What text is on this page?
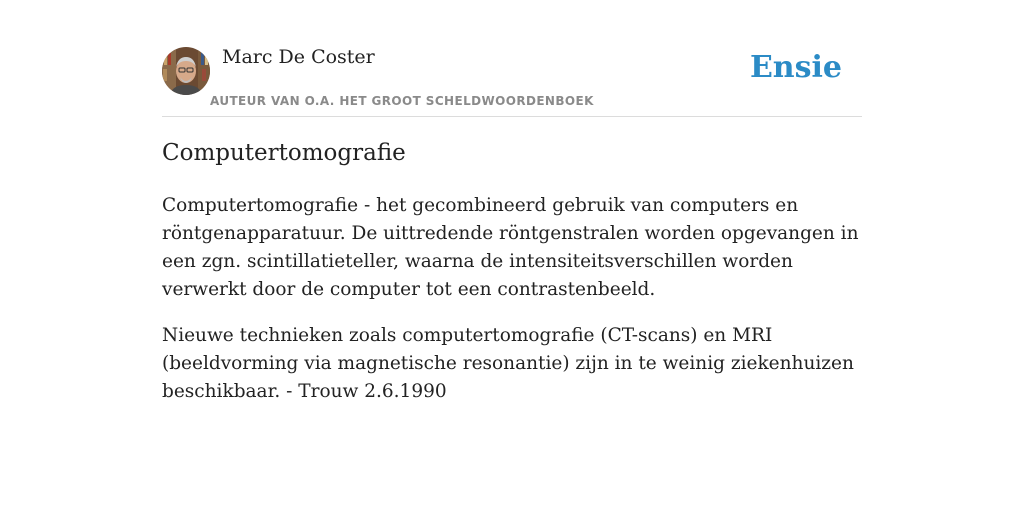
Marc De Coster
AUTEUR VAN O.A. HET GROOT SCHELDWOORDENBOEK
Ensie
Computertomografie

Computertomografie - het gecombineerd gebruik van computers en röntgenapparatuur. De uittredende röntgenstralen worden opgevangen in een zgn. scintillatieteller, waarna de intensiteitsverschillen worden verwerkt door de computer tot een contrastenbeeld.

Nieuwe technieken zoals computertomografie (CT-scans) en MRI (beeldvorming via magnetische resonantie) zijn in te weinig ziekenhuizen beschikbaar. - Trouw 2.6.1990
